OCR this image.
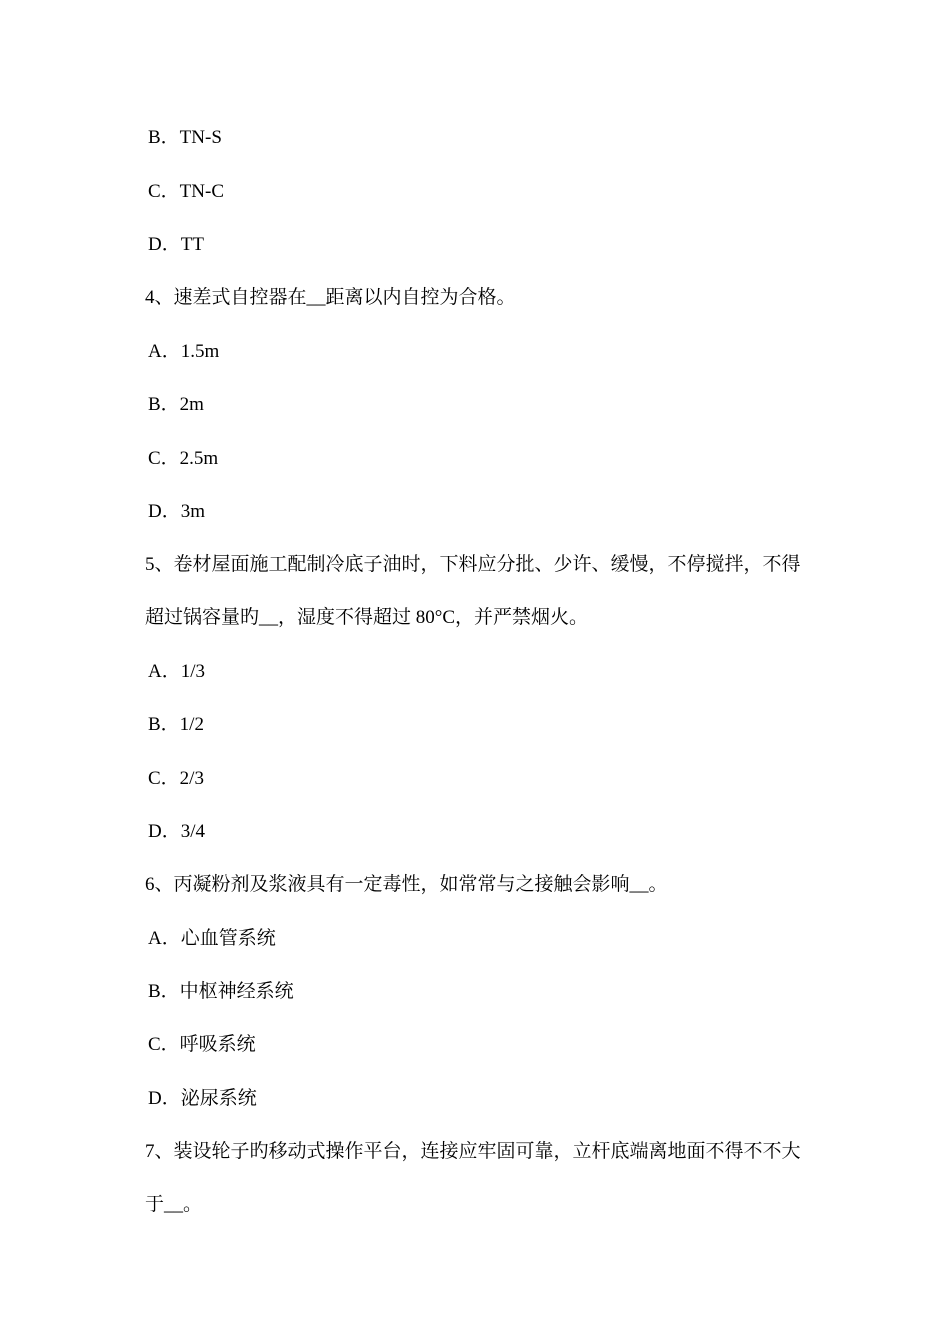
B．TN-S
C．TN-C
D．TT
4、速差式自控器在__距离以内自控为合格。
A．1.5m
B．2m
C．2.5m
D．3m
5、卷材屋面施工配制冷底子油时，下料应分批、少许、缓慢，不停搅拌，不得
超过锅容量旳__，湿度不得超过 80°C，并严禁烟火。
A．1/3
B．1/2
C．2/3
D．3/4
6、丙凝粉剂及浆液具有一定毒性，如常常与之接触会影响__。
A．心血管系统
B．中枢神经系统
C．呼吸系统
D．泌尿系统
7、装设轮子旳移动式操作平台，连接应牢固可靠，立杆底端离地面不得不不大
于__。
